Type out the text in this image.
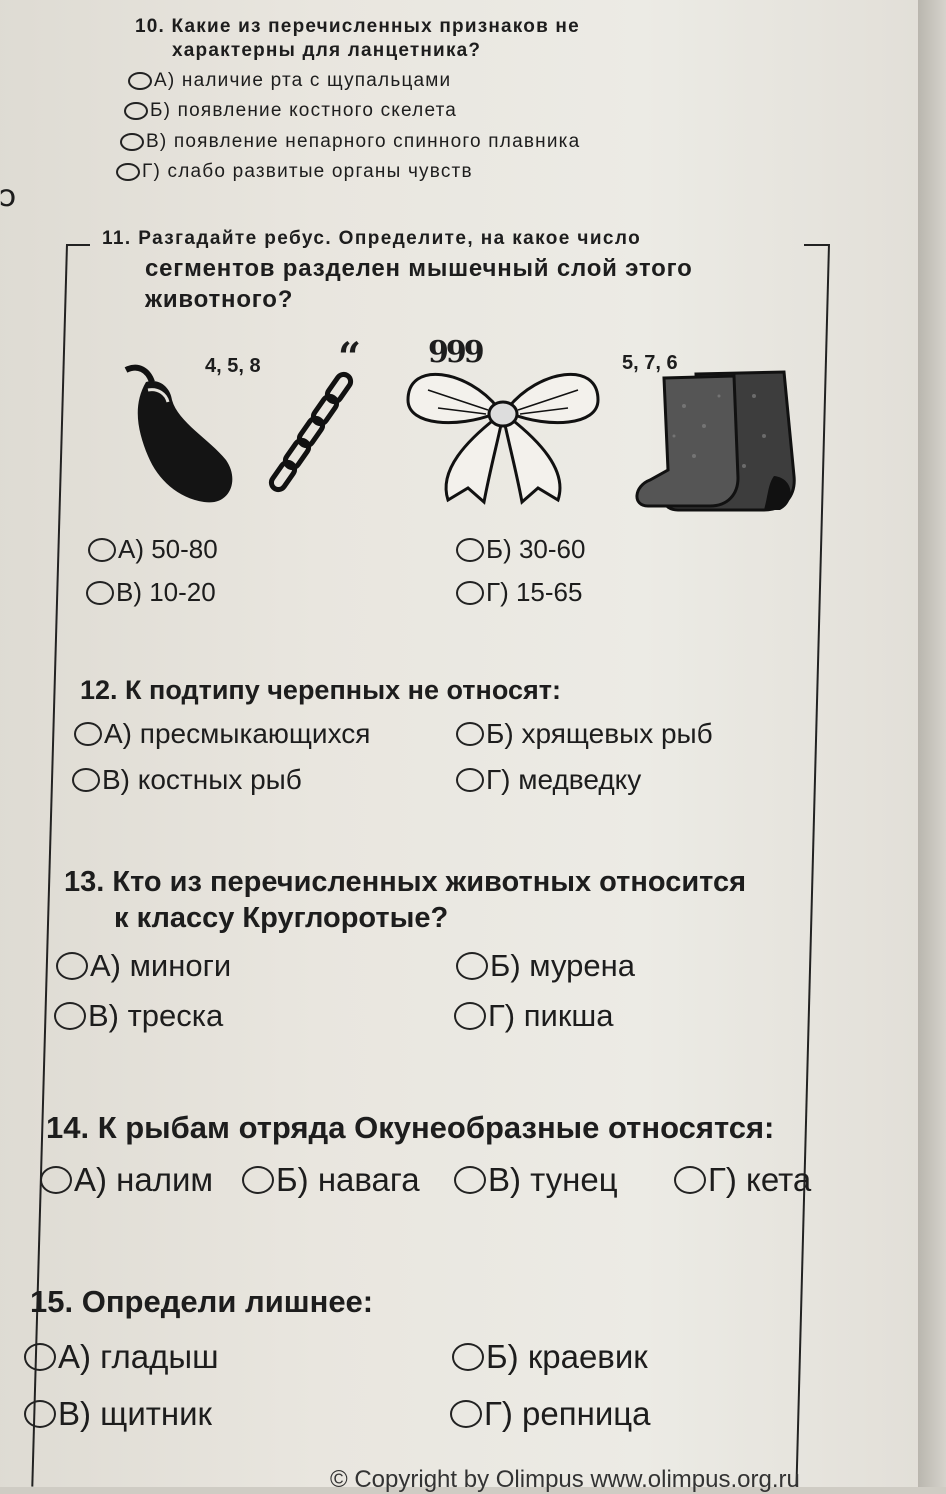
Ↄ
10. Какие из перечисленных признаков не
характерны для ланцетника?
А) наличие рта с щупальцами
Б) появление костного скелета
В) появление непарного спинного плавника
Г) слабо развитые органы чувств
11. Разгадайте ребус. Определите, на какое число
сегментов разделен мышечный слой этого
животного?
4, 5, 8	5, 7, 6
“ 999
А) 50-80	Б) 30-60
В) 10-20	Г) 15-65
12. К подтипу черепных не относят:
А) пресмыкающихся	Б) хрящевых рыб
В) костных рыб	Г) медведку
13. Кто из перечисленных животных относится
к классу Круглоротые?
А) миноги	Б) мурена
В) треска	Г) пикша
14. К рыбам отряда Окунеобразные относятся:
А) налим Б) навага В) тунец	Г) кета
15. Определи лишнее:
А) гладыш	Б) краевик
В) щитник	Г) репница
© Copyright by Olimpus www.olimpus.org.ru
